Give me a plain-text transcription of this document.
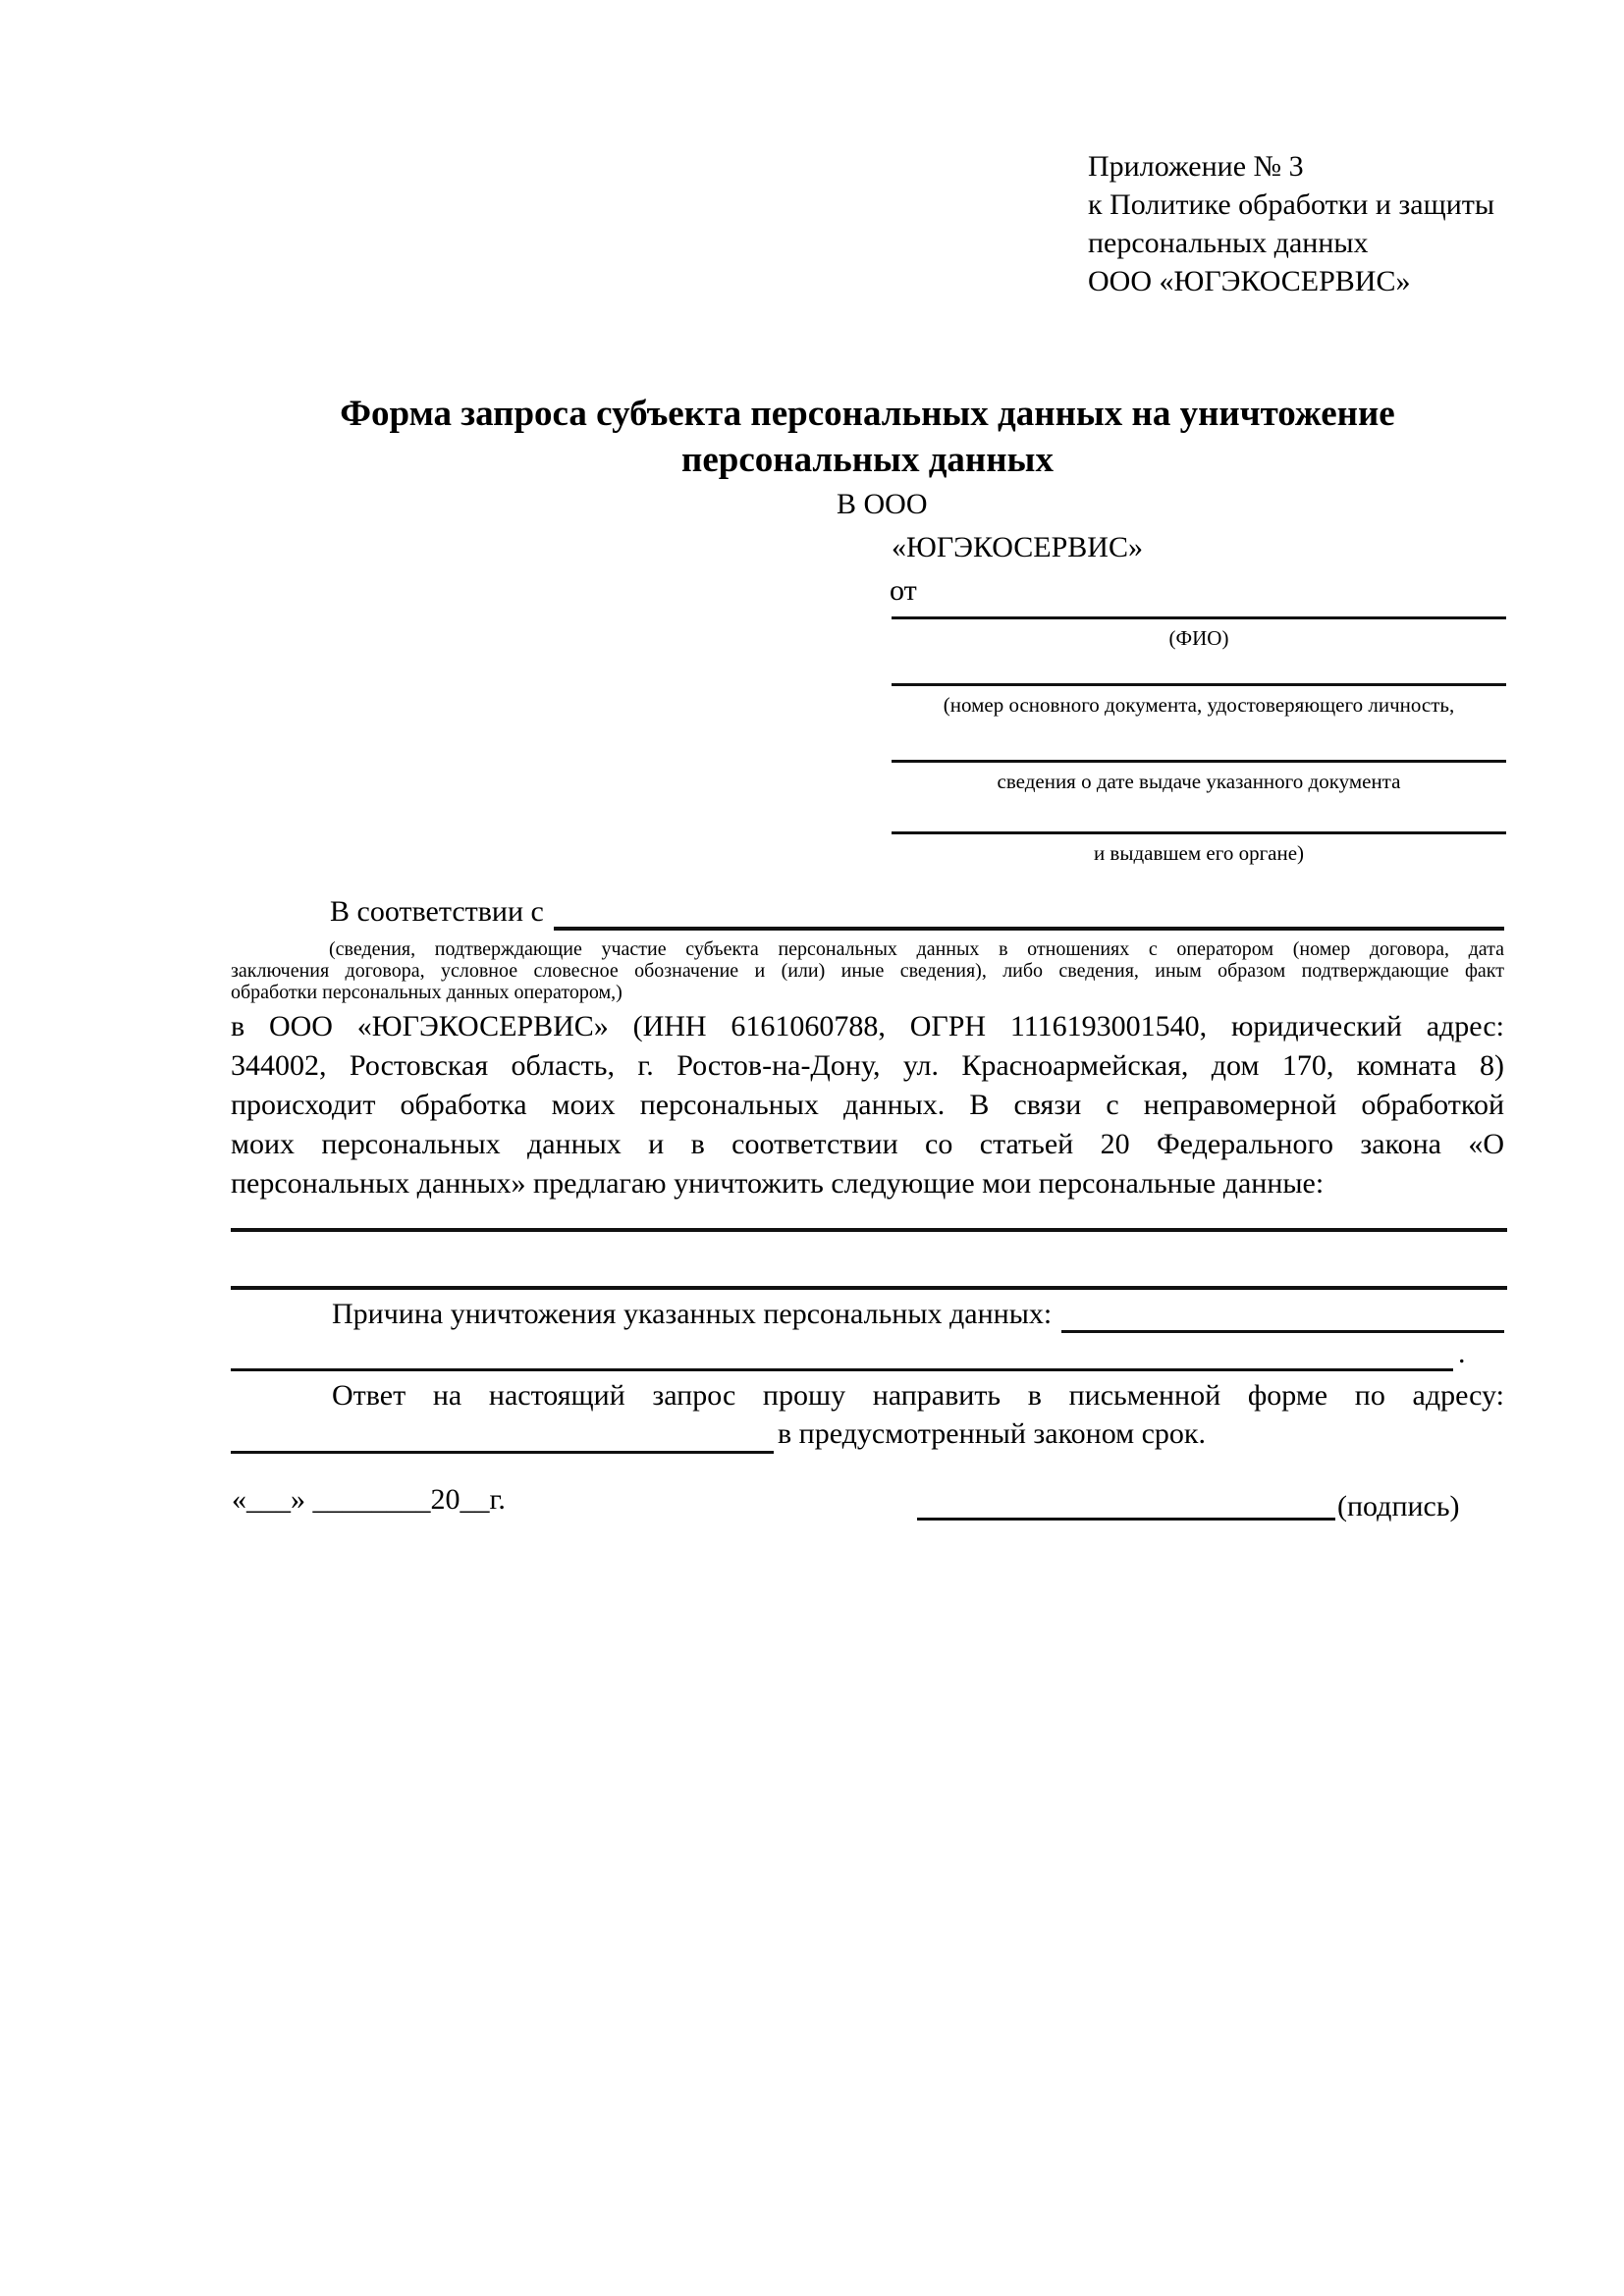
Приложение № 3
к Политике обработки и защиты
персональных данных
ООО «ЮГЭКОСЕРВИС»
Форма запроса субъекта персональных данных на уничтожение
персональных данных
В ООО
«ЮГЭКОСЕРВИС»
от
(ФИО)
(номер основного документа, удостоверяющего личность,
сведения о дате выдаче указанного документа
и выдавшем его органе)
В соответствии с
(сведения, подтверждающие участие субъекта персональных данных в отношениях с оператором (номер договора, дата
заключения договора, условное словесное обозначение и (или) иные сведения), либо сведения, иным образом подтверждающие факт
обработки персональных данных оператором,)
в ООО «ЮГЭКОСЕРВИС» (ИНН 6161060788, ОГРН 1116193001540, юридический адрес:
344002, Ростовская область, г. Ростов-на-Дону, ул. Красноармейская, дом 170, комната 8)
происходит обработка моих персональных данных. В связи с неправомерной обработкой
моих персональных данных и в соответствии со статьей 20 Федерального закона «О
персональных данных» предлагаю уничтожить следующие мои персональные данные:
Причина уничтожения указанных персональных данных:
.
Ответ на настоящий запрос прошу направить в письменной форме по адресу:
в предусмотренный законом срок.
«___» ________20__г.	(подпись)
